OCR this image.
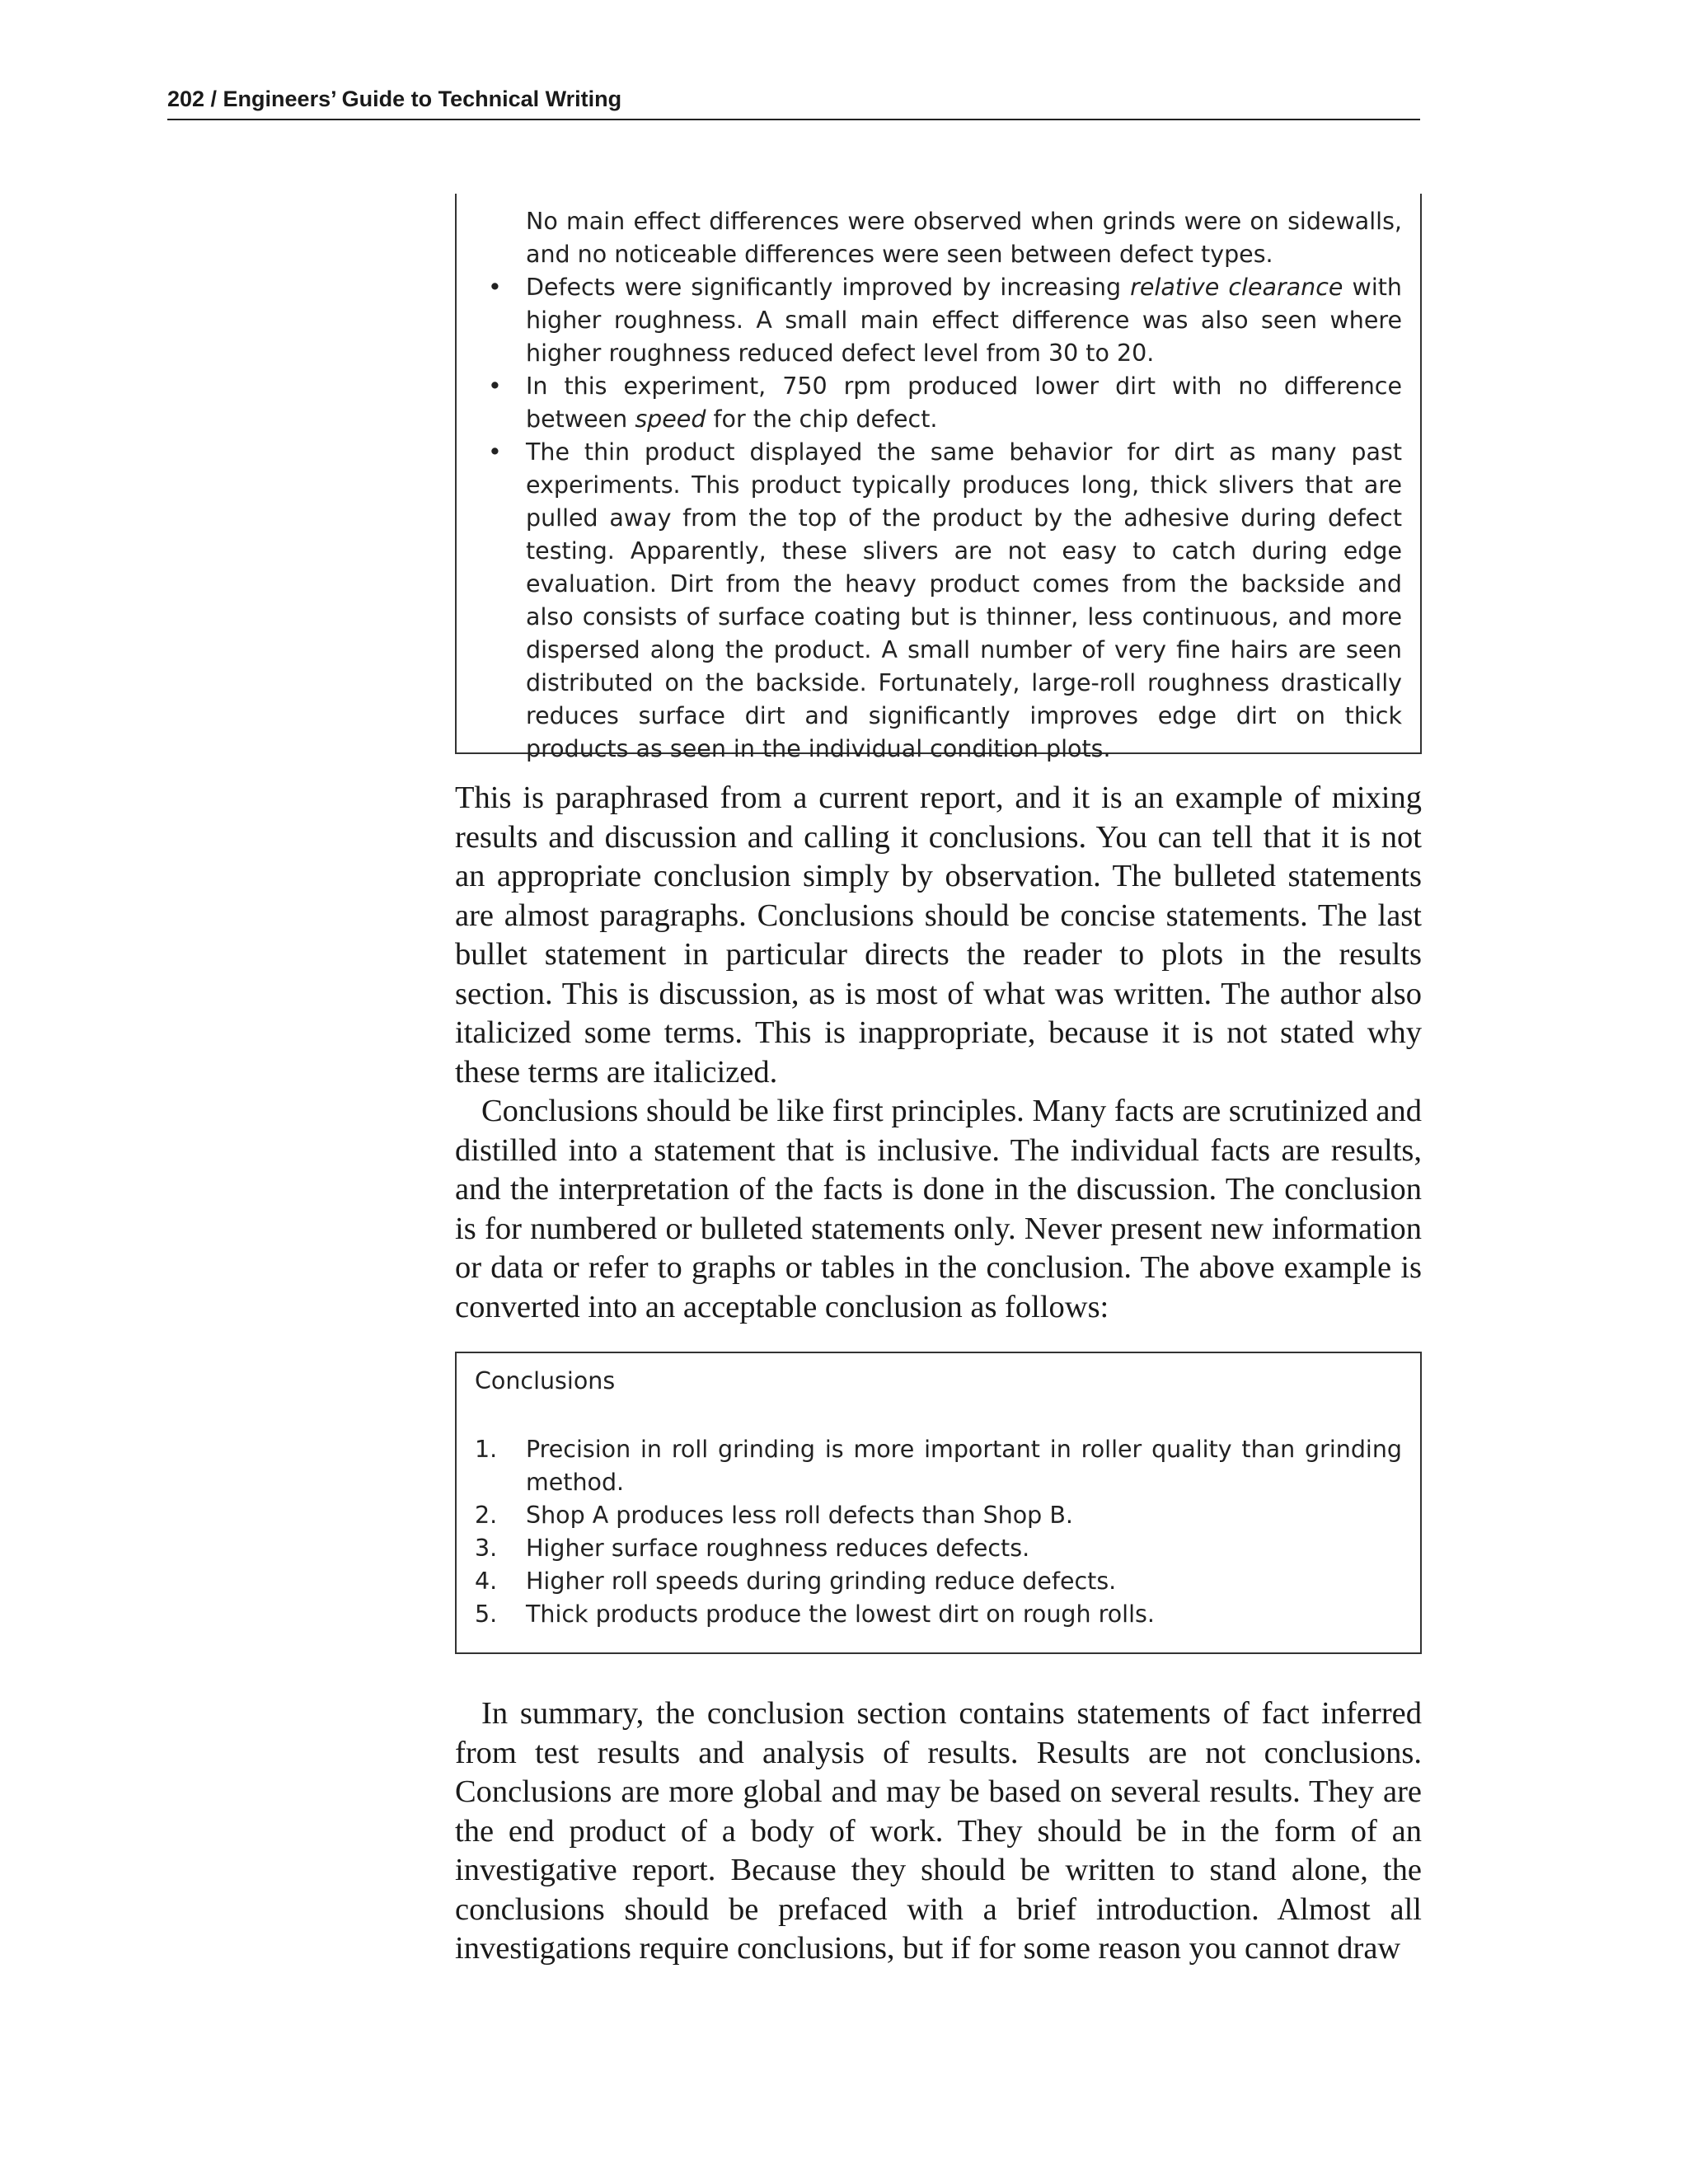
202 / Engineers’ Guide to Technical Writing
No main effect differences were observed when grinds were on sidewalls, and no noticeable differences were seen between defect types.
•	Defects were significantly improved by increasing relative clearance with higher roughness. A small main effect difference was also seen where higher roughness reduced defect level from 30 to 20.
•	In this experiment, 750 rpm produced lower dirt with no difference between speed for the chip defect.
•	The thin product displayed the same behavior for dirt as many past experiments. This product typically produces long, thick slivers that are pulled away from the top of the product by the adhesive during defect testing. Apparently, these slivers are not easy to catch during edge evaluation. Dirt from the heavy product comes from the backside and also consists of surface coating but is thinner, less continuous, and more dispersed along the product. A small number of very fine hairs are seen distributed on the backside. Fortunately, large-roll roughness drastically reduces surface dirt and significantly improves edge dirt on thick products as seen in the individual condition plots.

This is paraphrased from a current report, and it is an example of mixing results and discussion and calling it conclusions. You can tell that it is not an appropriate conclusion simply by observation. The bulleted statements are almost paragraphs. Conclusions should be concise statements. The last bullet statement in particular directs the reader to plots in the results section. This is discussion, as is most of what was written. The author also italicized some terms. This is inappropriate, because it is not stated why these terms are italicized.

Conclusions should be like first principles. Many facts are scrutinized and distilled into a statement that is inclusive. The individual facts are results, and the interpretation of the facts is done in the discussion. The conclusion is for numbered or bulleted statements only. Never present new information or data or refer to graphs or tables in the conclusion. The above example is converted into an acceptable conclusion as follows:

Conclusions
1.	Precision in roll grinding is more important in roller quality than grinding method.
2.	Shop A produces less roll defects than Shop B.
3.	Higher surface roughness reduces defects.
4.	Higher roll speeds during grinding reduce defects.
5.	Thick products produce the lowest dirt on rough rolls.

In summary, the conclusion section contains statements of fact inferred from test results and analysis of results. Results are not conclusions. Conclusions are more global and may be based on several results. They are the end product of a body of work. They should be in the form of an investigative report. Because they should be written to stand alone, the conclusions should be prefaced with a brief introduction. Almost all investigations require conclusions, but if for some reason you cannot draw
